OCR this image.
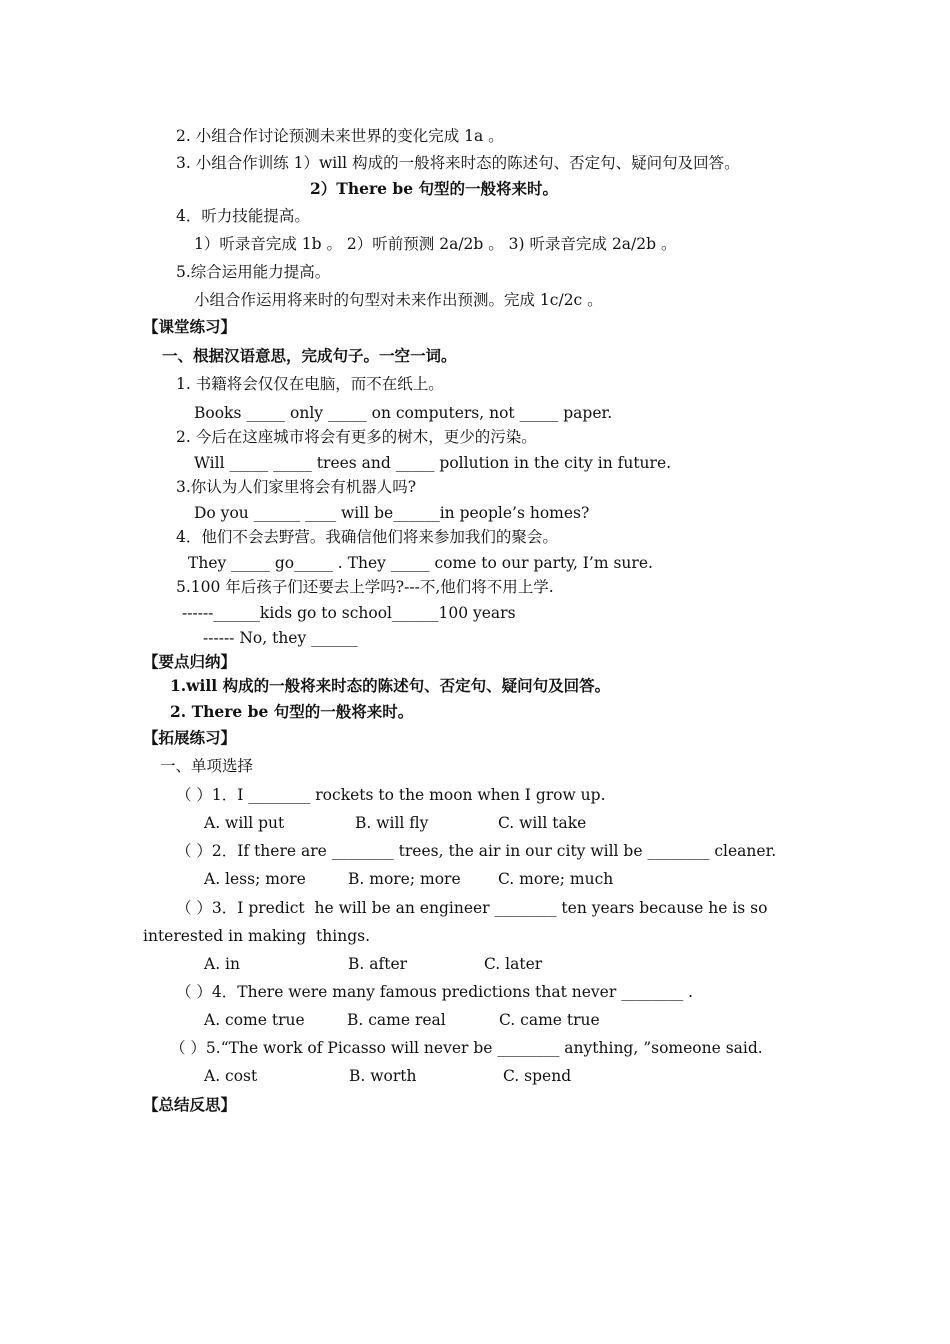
2. 小组合作讨论预测未来世界的变化完成 1a 。
3. 小组合作训练 1）will 构成的一般将来时态的陈述句、否定句、疑问句及回答。
2）There be 句型的一般将来时。
4．听力技能提高。
1）听录音完成 1b 。 2）听前预测 2a/2b 。 3) 听录音完成 2a/2b 。
5.综合运用能力提高。
小组合作运用将来时的句型对未来作出预测。完成 1c/2c 。
【课堂练习】
一、根据汉语意思，完成句子。一空一词。
1. 书籍将会仅仅在电脑，而不在纸上。
Books _____ only _____ on computers, not _____ paper.
2. 今后在这座城市将会有更多的树木，更少的污染。
Will _____ _____ trees and _____ pollution in the city in future.
3.你认为人们家里将会有机器人吗?
Do you ______ ____ will be______in people’s homes?
4．他们不会去野营。我确信他们将来参加我们的聚会。
They _____ go_____ . They _____ come to our party, I’m sure.
5.100 年后孩子们还要去上学吗?---不,他们将不用上学.
------______kids go to school______100 years
------ No, they ______
【要点归纳】
1.will 构成的一般将来时态的陈述句、否定句、疑问句及回答。
2. There be 句型的一般将来时。
【拓展练习】
一、单项选择
（ ）1．I ________ rockets to the moon when I grow up.
A. will put	B. will fly	C. will take
（ ）2．If there are ________ trees, the air in our city will be ________ cleaner.
A. less; more	B. more; more C. more; much
（ ）3．I predict  he will be an engineer ________ ten years because he is so
interested in making  things.
A. in	B. after	C. later
（ ）4．There were many famous predictions that never ________ .
A. come true	B. came real	C. came true
（ ）5.“The work of Picasso will never be ________ anything, ”someone said.
A. cost	B. worth	C. spend
【总结反思】
